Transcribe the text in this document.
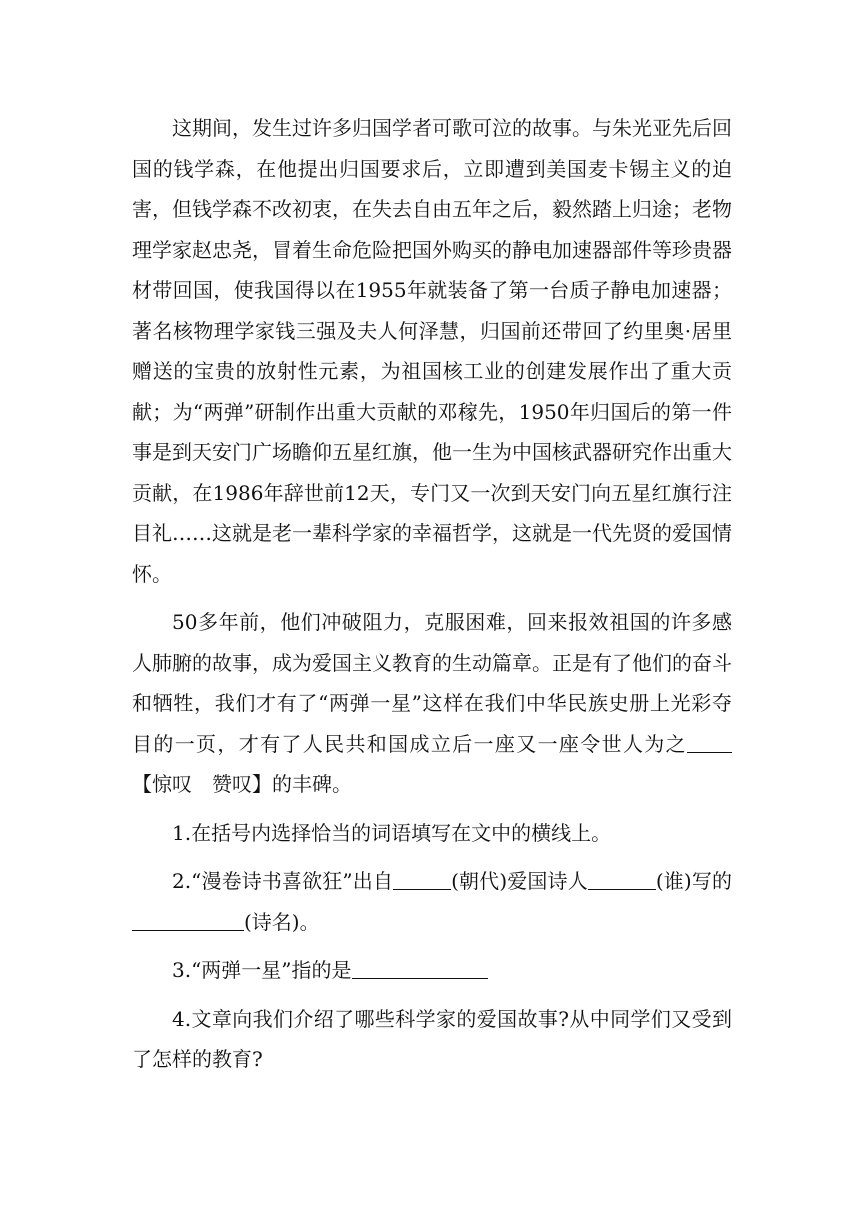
这期间，发生过许多归国学者可歌可泣的故事。与朱光亚先后回国的钱学森，在他提出归国要求后，立即遭到美国麦卡锡主义的迫害，但钱学森不改初衷，在失去自由五年之后，毅然踏上归途；老物理学家赵忠尧，冒着生命危险把国外购买的静电加速器部件等珍贵器材带回国，使我国得以在1955年就装备了第一台质子静电加速器；著名核物理学家钱三强及夫人何泽慧，归国前还带回了约里奥·居里赠送的宝贵的放射性元素，为祖国核工业的创建发展作出了重大贡献；为“两弹”研制作出重大贡献的邓稼先，1950年归国后的第一件事是到天安门广场瞻仰五星红旗，他一生为中国核武器研究作出重大贡献，在1986年辞世前12天，专门又一次到天安门向五星红旗行注目礼……这就是老一辈科学家的幸福哲学，这就是一代先贤的爱国情怀。

50多年前，他们冲破阻力，克服困难，回来报效祖国的许多感人肺腑的故事，成为爱国主义教育的生动篇章。正是有了他们的奋斗和牺牲，我们才有了“两弹一星”这样在我们中华民族史册上光彩夺目的一页，才有了人民共和国成立后一座又一座令世人为之【惊叹　赞叹】的丰碑。

1.在括号内选择恰当的词语填写在文中的横线上。

2.“漫卷诗书喜欲狂”出自	(朝代)爱国诗人	(谁)写的(诗名)。

3.“两弹一星”指的是

4.文章向我们介绍了哪些科学家的爱国故事?从中同学们又受到了怎样的教育?
